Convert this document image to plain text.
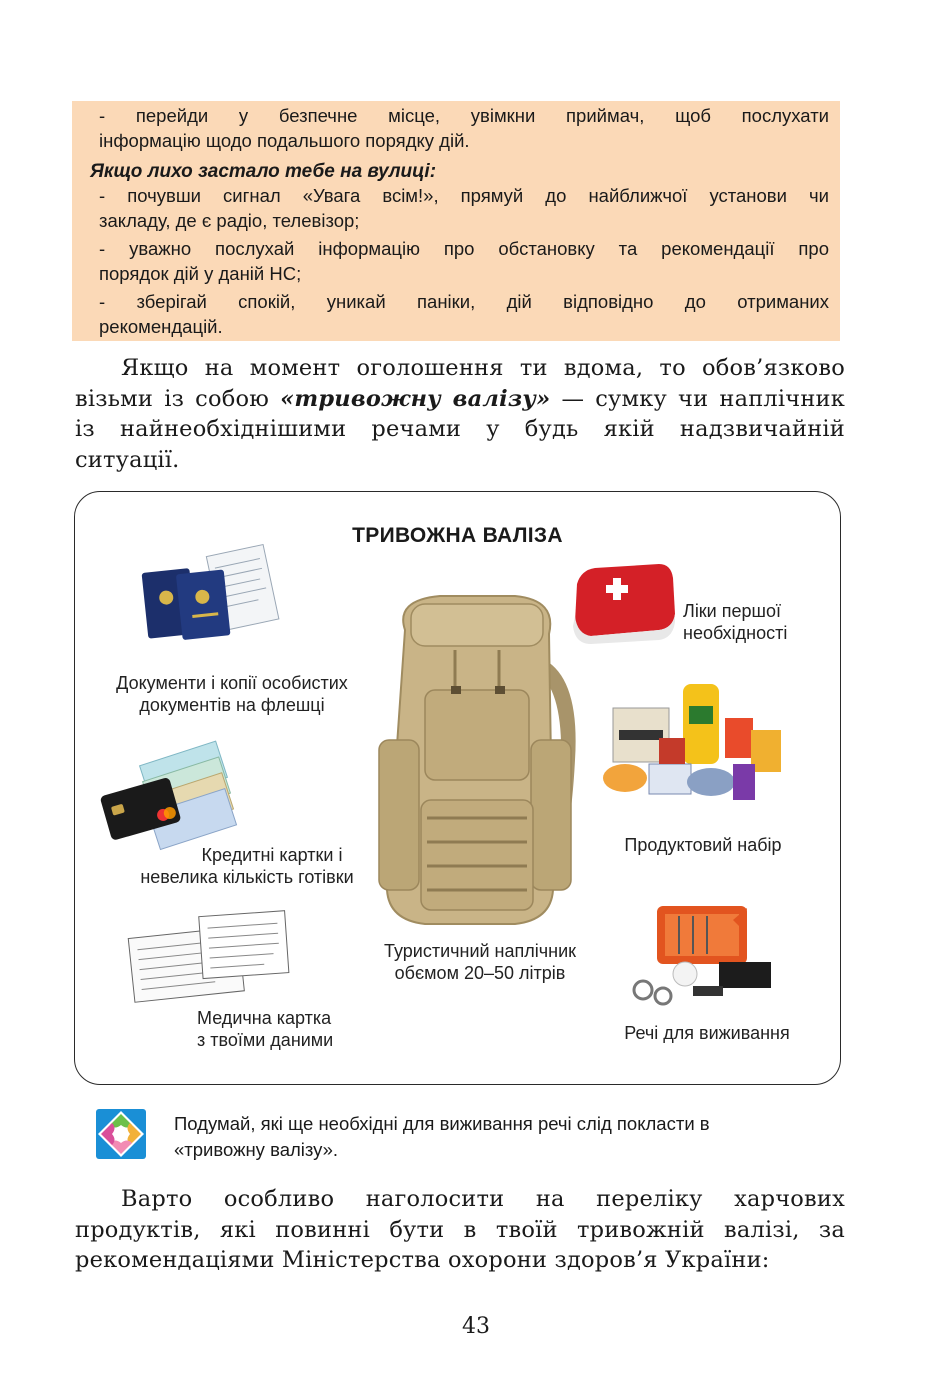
- перейди у безпечне місце, увімкни приймач, щоб послухати
інформацію щодо подальшого порядку дій.
Якщо лихо застало тебе на вулиці:
- почувши сигнал «Увага всім!», прямуй до найближчої установи чи
закладу, де є радіо, телевізор;
- уважно послухай інформацію про обстановку та рекомендації про
порядок дій у даній НС;
- зберігай спокій, уникай паніки, дій відповідно до отриманих
рекомендацій.
Якщо на момент оголошення ти вдома, то обов’язково
візьми із собою «тривожну валізу» — сумку чи наплічник
із найнеобхіднішими речами у будь якій надзвичайній
ситуації.
ТРИВОЖНА ВАЛІЗА
Документи і копії особистих
документів на флешці
Кредитні картки і
невелика кількість готівки
Медична картка
з твоїми даними
Туристичний наплічник
обємом 20–50 літрів
Ліки першої
необхідності
Продуктовий набір
Речі для виживання
Подумай, які ще необхідні для виживання речі слід покласти в
«тривожну валізу».
Варто особливо наголосити на переліку харчових
продуктів, які повинні бути в твоїй тривожній валізі, за
рекомендаціями Міністерства охорони здоров’я України:
43
